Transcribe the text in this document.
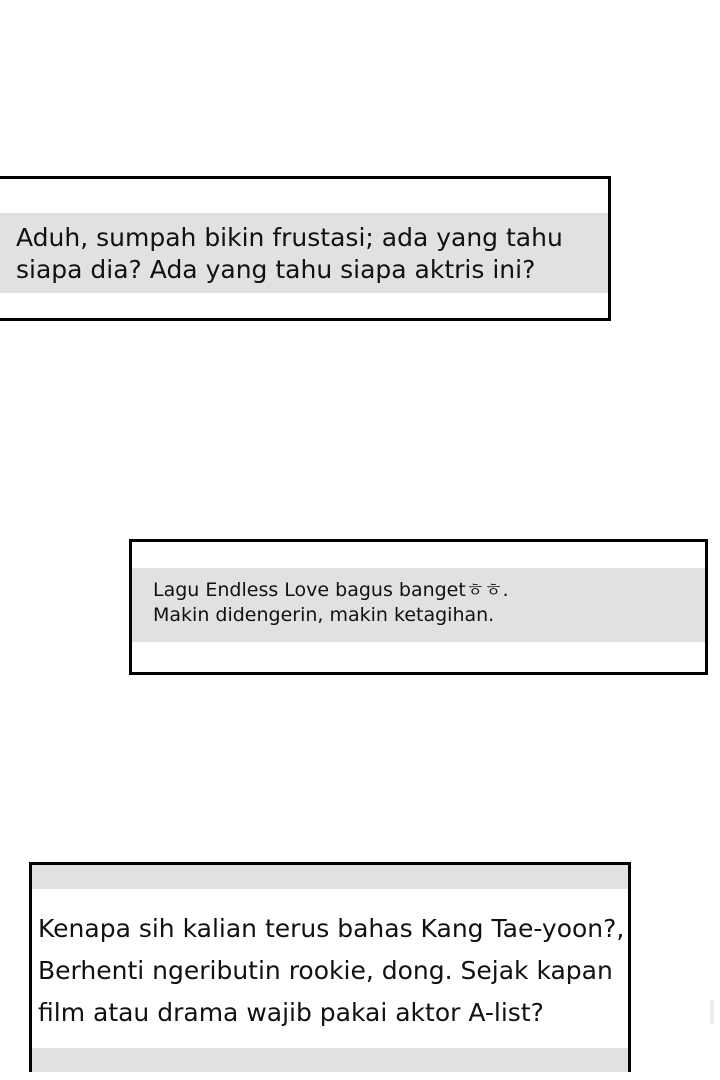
Aduh, sumpah bikin frustasi; ada yang tahu
siapa dia? Ada yang tahu siapa aktris ini?

Lagu Endless Love bagus bangetㅎㅎ.
Makin didengerin, makin ketagihan.

Kenapa sih kalian terus bahas Kang Tae-yoon?,
Berhenti ngeributin rookie, dong. Sejak kapan
film atau drama wajib pakai aktor A-list?
